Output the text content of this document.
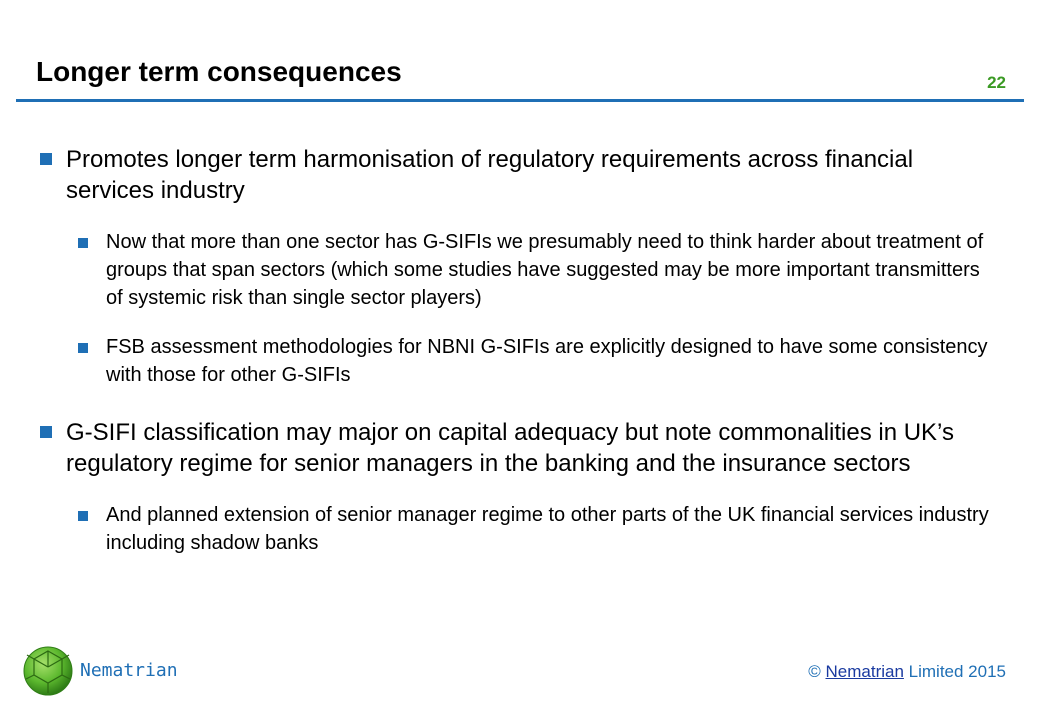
Longer term consequences	22
Promotes longer term harmonisation of regulatory requirements across financial services industry
Now that more than one sector has G-SIFIs we presumably need to think harder about treatment of groups that span sectors (which some studies have suggested may be more important transmitters of systemic risk than single sector players)
FSB assessment methodologies for NBNI G-SIFIs are explicitly designed to have some consistency with those for other G-SIFIs
G-SIFI classification may major on capital adequacy but note commonalities in UK’s regulatory regime for senior managers in the banking and the insurance sectors
And planned extension of senior manager regime to other parts of the UK financial services industry including shadow banks
Nematrian	© Nematrian Limited 2015
